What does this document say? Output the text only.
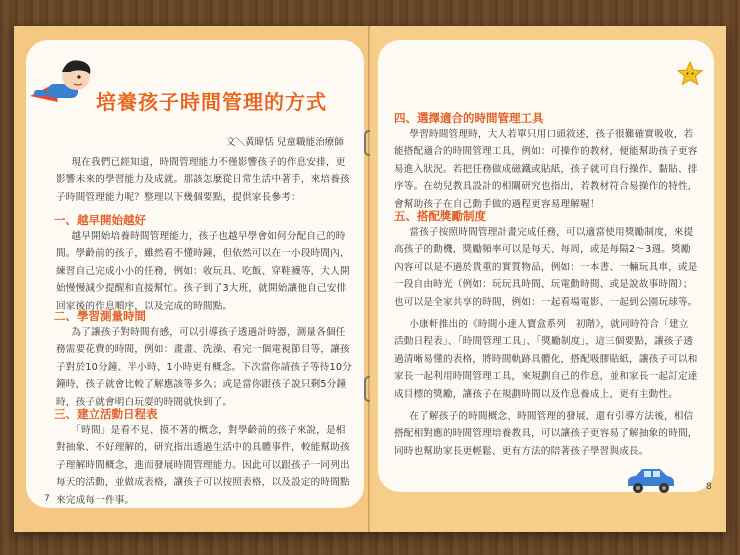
培養孩子時間管理的方式
文＼黃暐恬 兒童職能治療師
現在我們已經知道，時間管理能力不僅影響孩子的作息安排，更影響未來的學習能力及成就。那該怎麼從日常生活中著手，來培養孩子時間管理能力呢？整理以下幾個要點，提供家長參考：
一、越早開始越好
越早開始培養時間管理能力，孩子也越早學會如何分配自己的時間。學齡前的孩子，雖然看不懂時鐘，但依然可以在一小段時間內，練習自己完成小小的任務，例如：收玩具、吃飯、穿鞋襪等，大人開始慢慢減少提醒和直接幫忙。孩子到了3大班，就開始讓他自己安排回家後的作息順序，以及完成的時間點。
二、學習測量時間
為了讓孩子對時間有感，可以引導孩子透過計時器，測量各個任務需要花費的時間，例如：畫畫、洗澡、看完一個電視節目等，讓孩子對於10分鐘、半小時、1小時更有概念。下次當你請孩子等待10分鐘時，孩子就會比較了解應該等多久；或是當你跟孩子說只剩5分鐘時，孩子就會明白玩耍的時間就快到了。
三、建立活動日程表
「時間」是看不見、摸不著的概念，對學齡前的孩子來說，是相對抽象、不好理解的，研究指出透過生活中的具體事件，較能幫助孩子理解時間概念，進而發展時間管理能力。因此可以跟孩子一同列出每天的活動，並做成表格，讓孩子可以按照表格，以及設定的時間點來完成每一件事。
7
四、選擇適合的時間管理工具
學習時間管理時，大人若單只用口頭敘述，孩子很難確實吸收，若能搭配適合的時間管理工具，例如：可操作的教材，便能幫助孩子更容易進入狀況。若把任務做成磁鐵或貼紙，孩子就可自行操作、黏貼、排序等。在幼兒教具設計的相關研究也指出，若教材符合易操作的特性，會幫助孩子在自己動手做的過程更容易理解喔！
五、搭配獎勵制度
當孩子按照時間管理計畫完成任務，可以適當使用獎勵制度，來提高孩子的動機，獎勵頻率可以是每天、每周，或是每隔2～3週。獎勵內容可以是不過於貴重的實質物品，例如：一本書、一輛玩具車，或是一段自由時光（例如：玩玩具時間、玩電動時間、或是說故事時間）；也可以是全家共享的時間，例如：一起看場電影、一起到公園玩球等。
小康軒推出的《時間小達人寶盒系列　初階》，就同時符合「建立活動日程表」、「時間管理工具」、「獎勵制度」，這三個要點，讓孩子透過清晰易懂的表格，將時間軌跡具體化，搭配吸膠貼紙，讓孩子可以和家長一起利用時間管理工具，來規劃自己的作息，並和家長一起訂定達成目標的獎勵，讓孩子在規劃時間以及作息養成上，更有主動性。
在了解孩子的時間概念、時間管理的發展，還有引導方法後，相信搭配相對應的時間管理培養教具，可以讓孩子更容易了解抽象的時間，同時也幫助家長更輕鬆、更有方法的陪著孩子學習與成長。
8
